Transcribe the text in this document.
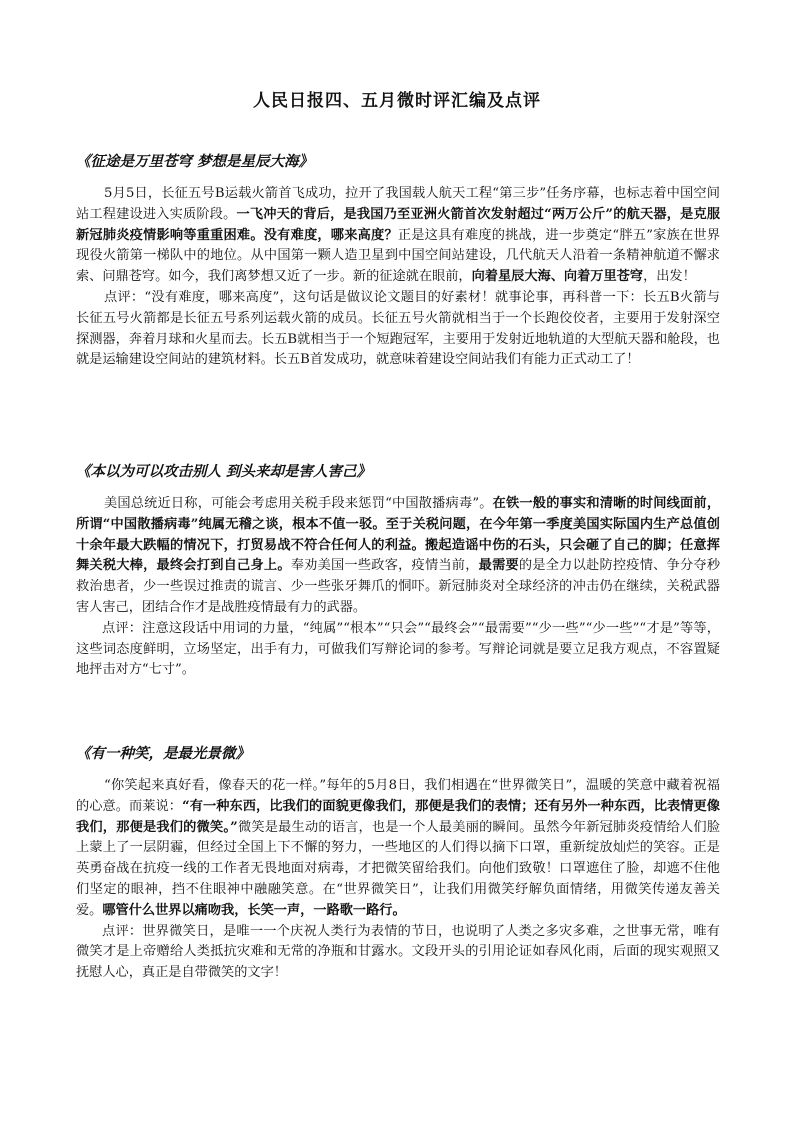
人民日报四、五月微时评汇编及点评
《征途是万里苍穹 梦想是星辰大海》

5月5日，长征五号B运载火箭首飞成功，拉开了我国载人航天工程“第三步”任务序幕，也标志着中国空间站工程建设进入实质阶段。一飞冲天的背后，是我国乃至亚洲火箭首次发射超过“两万公斤”的航天器，是克服新冠肺炎疫情影响等重重困难。没有难度，哪来高度？正是这具有难度的挑战，进一步奠定“胖五”家族在世界现役火箭第一梯队中的地位。从中国第一颗人造卫星到中国空间站建设，几代航天人沿着一条精神航道不懈求索、问鼎苍穹。如今，我们离梦想又近了一步。新的征途就在眼前，向着星辰大海、向着万里苍穹，出发！

点评：“没有难度，哪来高度”，这句话是做议论文题目的好素材！就事论事，再科普一下：长五B火箭与长征五号火箭都是长征五号系列运载火箭的成员。长征五号火箭就相当于一个长跑佼佼者，主要用于发射深空探测器，奔着月球和火星而去。长五B就相当于一个短跑冠军，主要用于发射近地轨道的大型航天器和舱段，也就是运输建设空间站的建筑材料。长五B首发成功，就意味着建设空间站我们有能力正式动工了！

《本以为可以攻击别人 到头来却是害人害己》

美国总统近日称，可能会考虑用关税手段来惩罚“中国散播病毒”。在铁一般的事实和清晰的时间线面前，所谓“中国散播病毒”纯属无稽之谈，根本不值一驳。至于关税问题，在今年第一季度美国实际国内生产总值创十余年最大跌幅的情况下，打贸易战不符合任何人的利益。搬起造谣中伤的石头，只会砸了自己的脚；任意挥舞关税大棒，最终会打到自己身上。奉劝美国一些政客，疫情当前，最需要的是全力以赴防控疫情、争分夺秒救治患者，少一些误过推责的谎言、少一些张牙舞爪的恫吓。新冠肺炎对全球经济的冲击仍在继续，关税武器害人害己，团结合作才是战胜疫情最有力的武器。

点评：注意这段话中用词的力量，“纯属”“根本”“只会”“最终会”“最需要”“少一些”“少一些”“才是”等等，这些词态度鲜明，立场坚定，出手有力，可做我们写辩论词的参考。写辩论词就是要立足我方观点，不容置疑地抨击对方“七寸”。

《有一种笑，是最光景微》

“你笑起来真好看，像春天的花一样。”每年的5月8日，我们相遇在“世界微笑日”，温暖的笑意中藏着祝福的心意。而莱说：“有一种东西，比我们的面貌更像我们，那便是我们的表情；还有另外一种东西，比表情更像我们，那便是我们的微笑。”微笑是最生动的语言，也是一个人最美丽的瞬间。虽然今年新冠肺炎疫情给人们脸上蒙上了一层阴霾，但经过全国上下不懈的努力，一些地区的人们得以摘下口罩，重新绽放灿烂的笑容。正是英勇奋战在抗疫一线的工作者无畏地面对病毒，才把微笑留给我们。向他们致敬！口罩遮住了脸，却遮不住他们坚定的眼神，挡不住眼神中融融笑意。在“世界微笑日”，让我们用微笑纾解负面情绪，用微笑传递友善关爱。哪管什么世界以痛吻我，长笑一声，一路歌一路行。

点评：世界微笑日，是唯一一个庆祝人类行为表情的节日，也说明了人类之多灾多难，之世事无常，唯有微笑才是上帝赠给人类抵抗灾难和无常的净瓶和甘露水。文段开头的引用论证如春风化雨，后面的现实观照又抚慰人心，真正是自带微笑的文字！
